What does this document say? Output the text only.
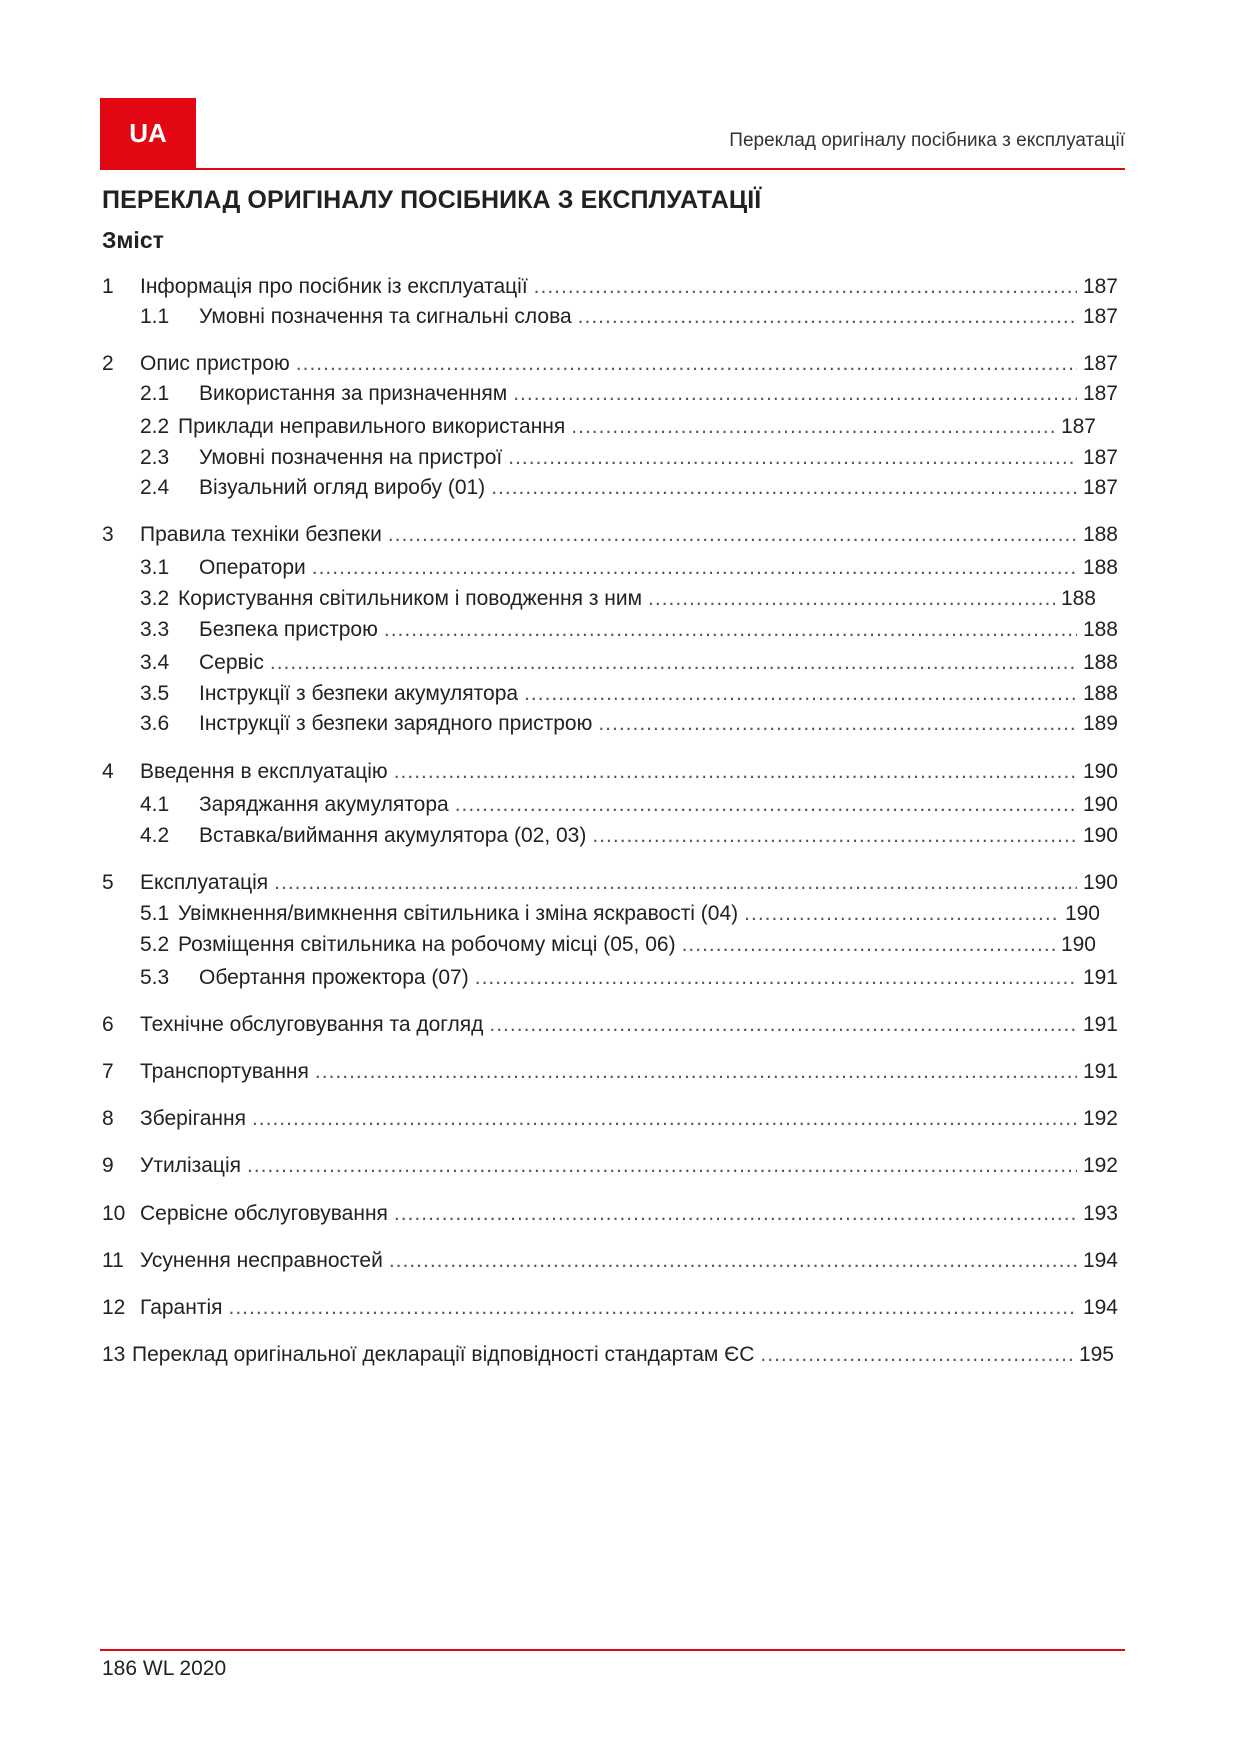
UA	Переклад оригіналу посібника з експлуатації
ПЕРЕКЛАД ОРИГІНАЛУ ПОСІБНИКА З ЕКСПЛУАТАЦІЇ
Зміст
1	Інформація про посібник із експлуатації .....	187
1.1	Умовні позначення та сигнальні слова .....	187
2	Опис пристрою .....	187
2.1	Використання за призначенням .....	187
2.2 Приклади неправильного використання .....	187
2.3	Умовні позначення на пристрої .....	187
2.4	Візуальний огляд виробу (01) .....	187
3	Правила техніки безпеки .....	188
3.1	Оператори .....	188
3.2 Користування світильником і поводження з ним .....	188
3.3	Безпека пристрою .....	188
3.4	Сервіс .....	188
3.5	Інструкції з безпеки акумулятора .....	188
3.6	Інструкції з безпеки зарядного пристрою .....	189
4	Введення в експлуатацію .....	190
4.1	Заряджання акумулятора .....	190
4.2	Вставка/виймання акумулятора (02, 03) .....	190
5	Експлуатація .....	190
5.1 Увімкнення/вимкнення світильника і зміна яскравості (04) .....	190
5.2 Розміщення світильника на робочому місці (05, 06) .....	190
5.3	Обертання прожектора (07) .....	191
6	Технічне обслуговування та догляд .....	191
7	Транспортування .....	191
8	Зберігання .....	192
9	Утилізація .....	192
10 Сервісне обслуговування .....	193
11 Усунення несправностей .....	194
12 Гарантія .....	194
13 Переклад оригінальної декларації відповідності стандартам ЄС .....	195
186 WL 2020
